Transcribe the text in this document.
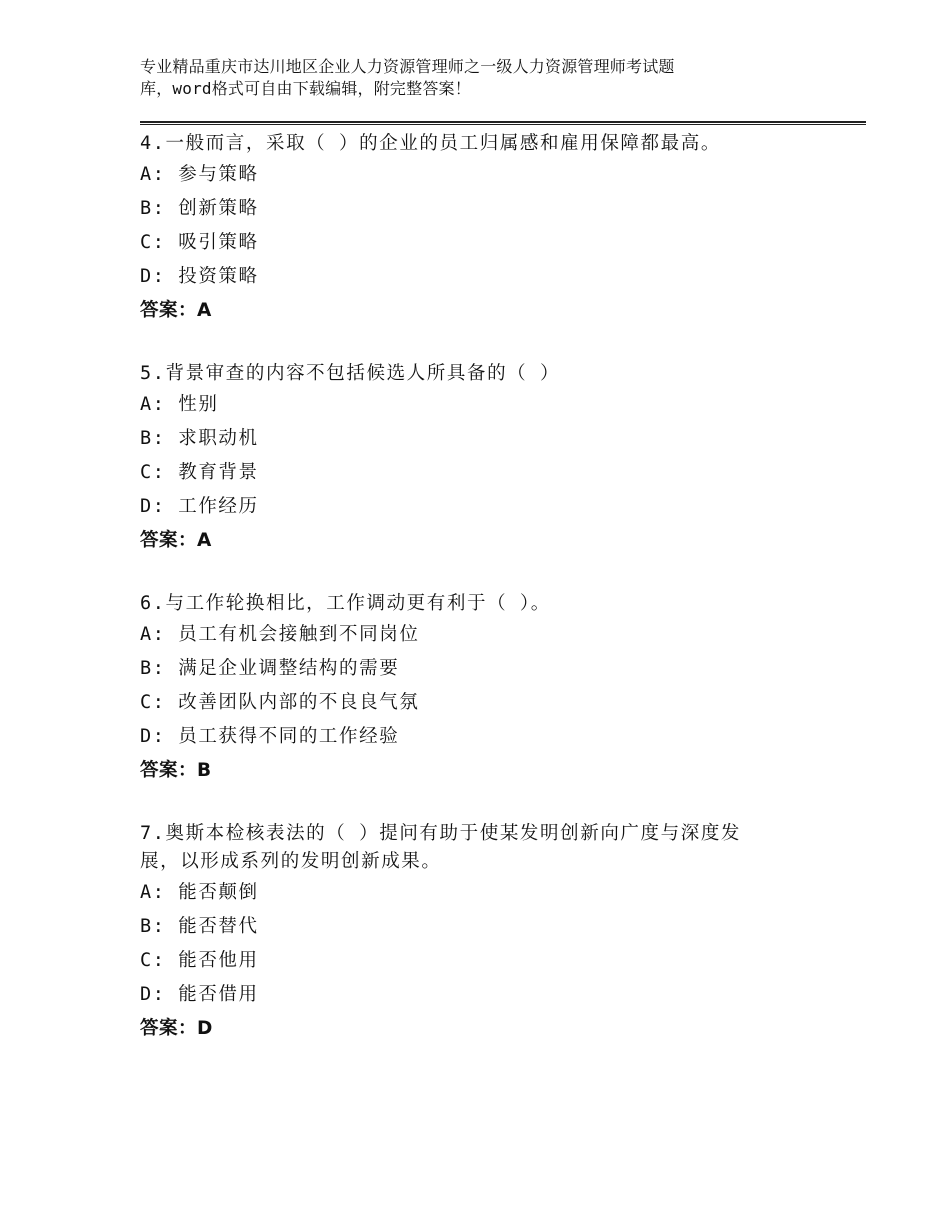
专业精品重庆市达川地区企业人力资源管理师之一级人力资源管理师考试题
库，word格式可自由下载编辑，附完整答案！
4.一般而言，采取（ ）的企业的员工归属感和雇用保障都最高。
A: 参与策略
B: 创新策略
C: 吸引策略
D: 投资策略
答案：A
5.背景审查的内容不包括候选人所具备的（ ）
A: 性别
B: 求职动机
C: 教育背景
D: 工作经历
答案：A
6.与工作轮换相比，工作调动更有利于（ ）。
A: 员工有机会接触到不同岗位
B: 满足企业调整结构的需要
C: 改善团队内部的不良良气氛
D: 员工获得不同的工作经验
答案：B
7.奥斯本检核表法的（ ）提问有助于使某发明创新向广度与深度发
展，以形成系列的发明创新成果。
A: 能否颠倒
B: 能否替代
C: 能否他用
D: 能否借用
答案：D
